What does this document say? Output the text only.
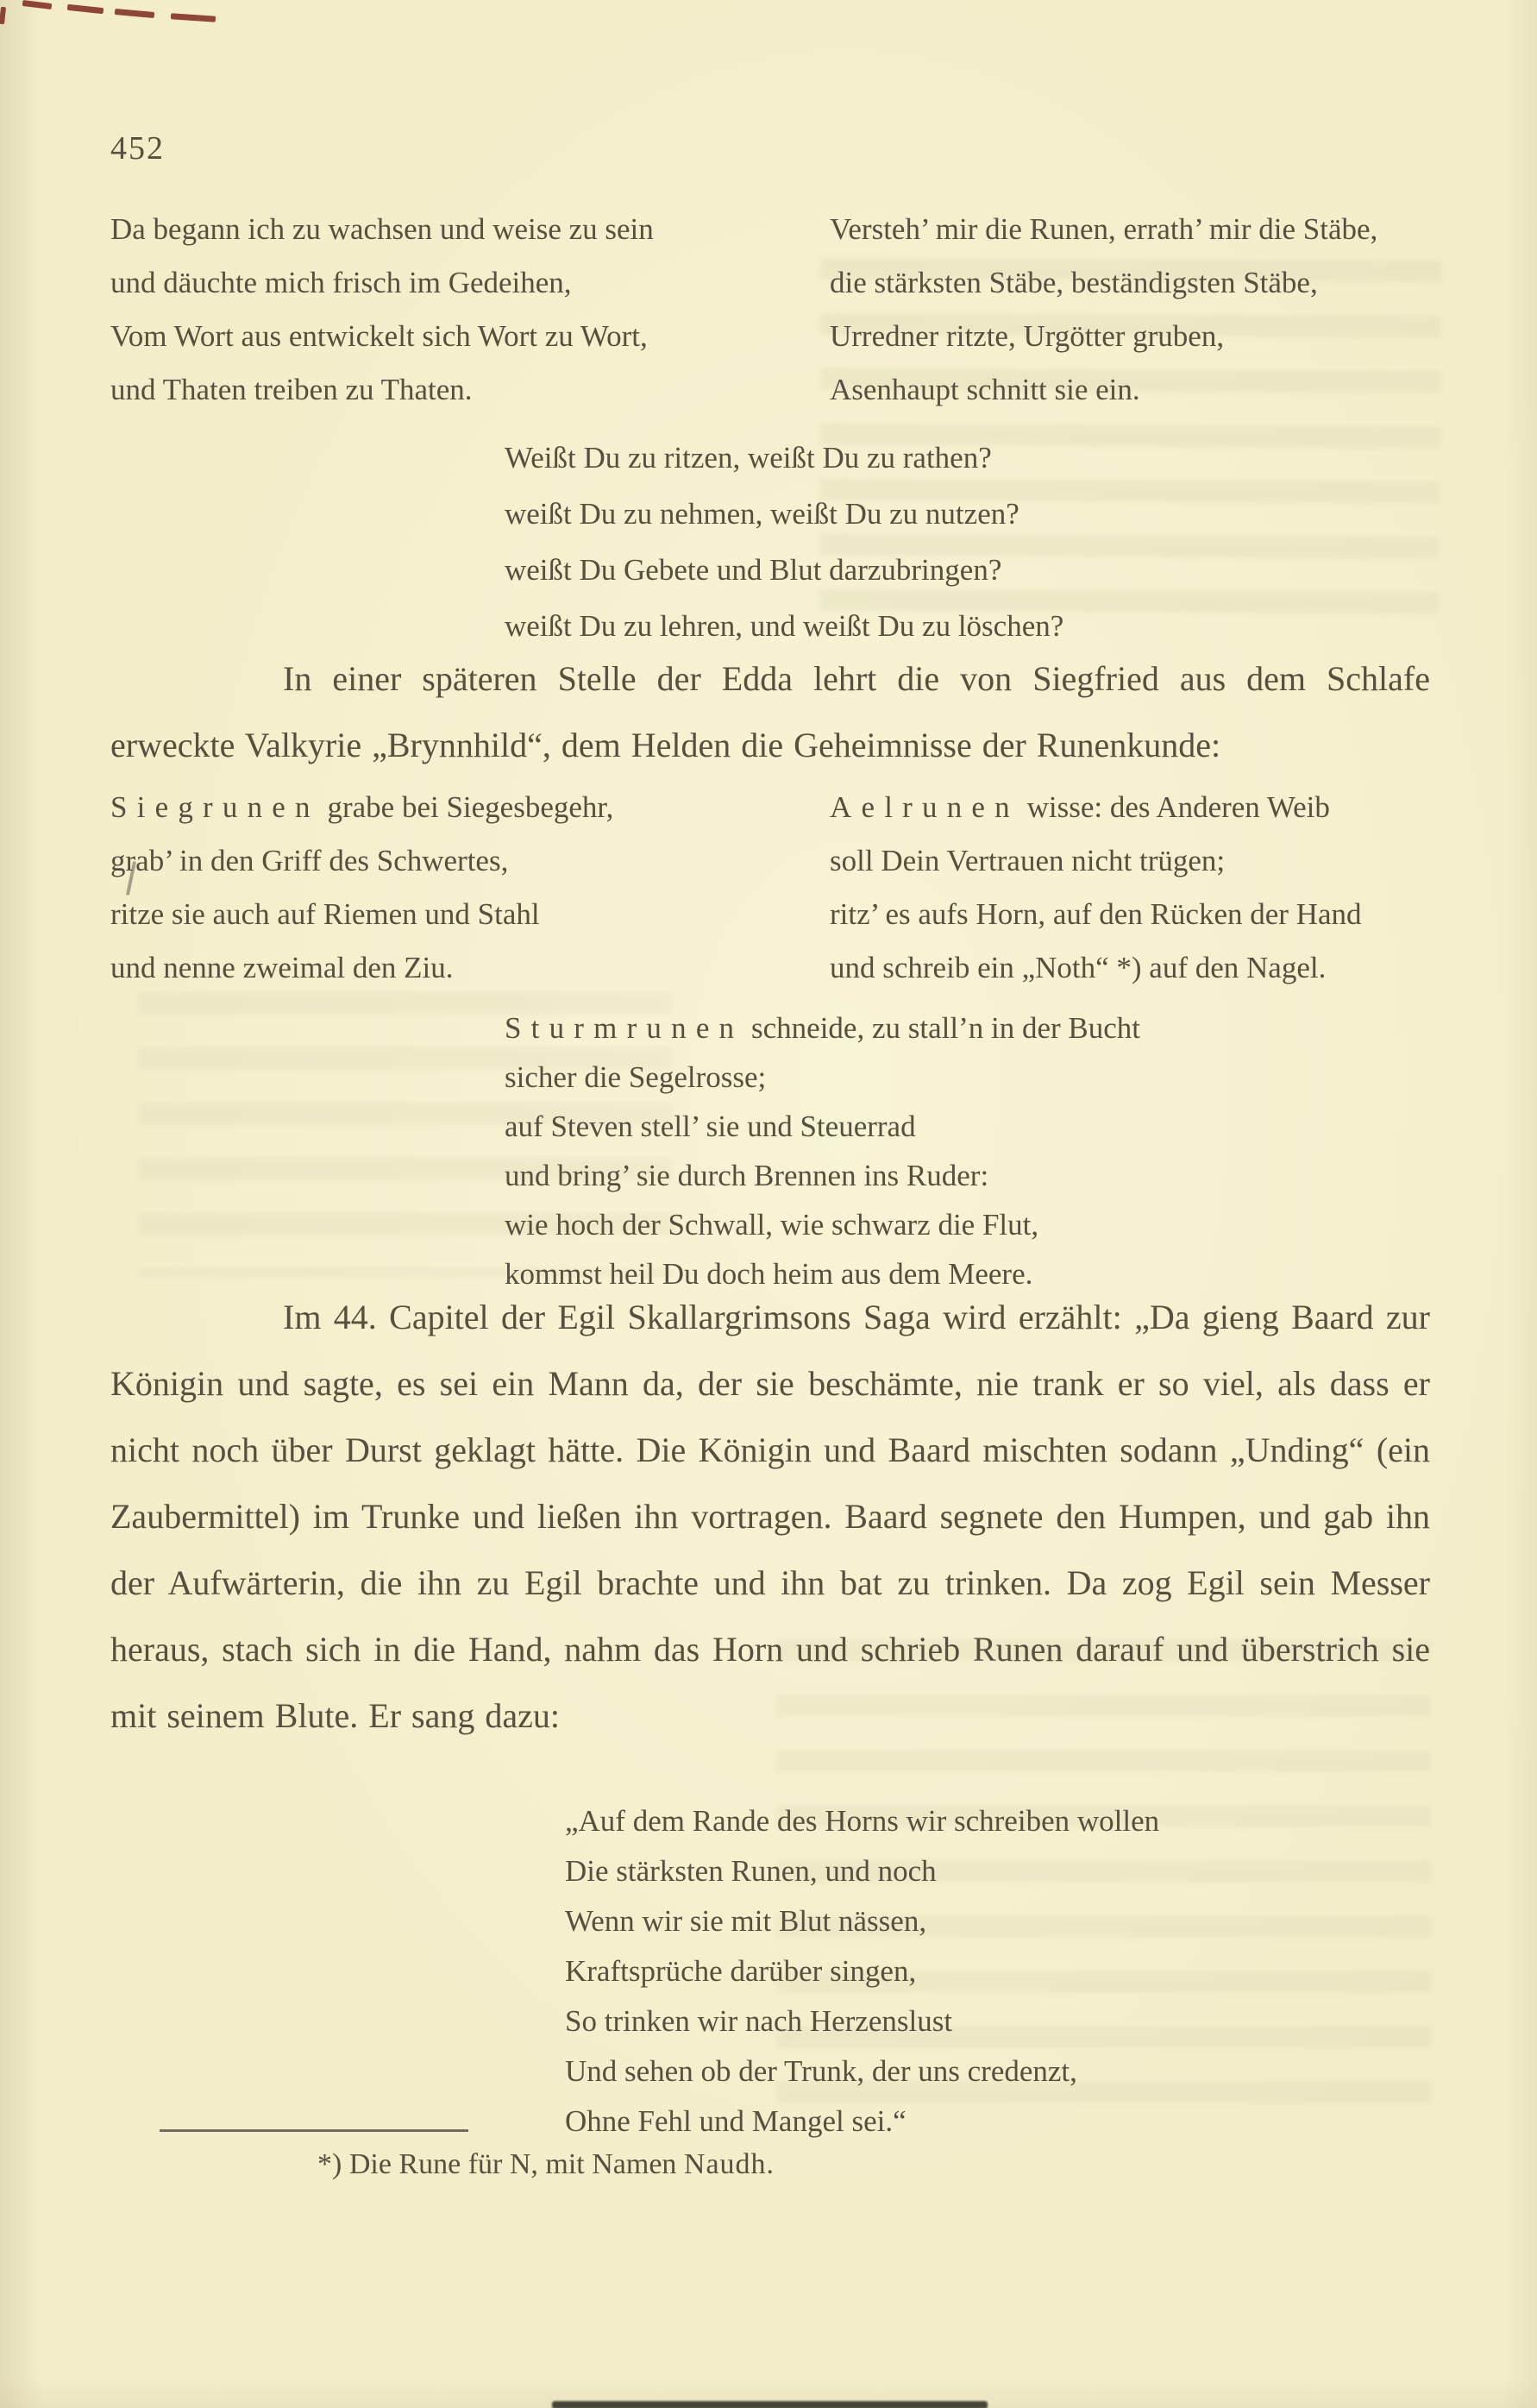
452
Da begann ich zu wachsen und weise zu sein
und däuchte mich frisch im Gedeihen,
Vom Wort aus entwickelt sich Wort zu Wort,
und Thaten treiben zu Thaten.
Versteh’ mir die Runen, errath’ mir die Stäbe,
die stärksten Stäbe, beständigsten Stäbe,
Urredner ritzte, Urgötter gruben,
Asenhaupt schnitt sie ein.
Weißt Du zu ritzen, weißt Du zu rathen?
weißt Du zu nehmen, weißt Du zu nutzen?
weißt Du Gebete und Blut darzubringen?
weißt Du zu lehren, und weißt Du zu löschen?

In einer späteren Stelle der Edda lehrt die von Siegfried aus dem Schlafe erweckte Valkyrie „Brynnhild“, dem Helden die Geheimnisse der Runenkunde:

Siegrunen grabe bei Siegesbegehr,
grab’ in den Griff des Schwertes,
ritze sie auch auf Riemen und Stahl
und nenne zweimal den Ziu.
Aelrunen wisse: des Anderen Weib
soll Dein Vertrauen nicht trügen;
ritz’ es aufs Horn, auf den Rücken der Hand
und schreib ein „Noth“ *) auf den Nagel.
Sturmrunen schneide, zu stall’n in der Bucht
sicher die Segelrosse;
auf Steven stell’ sie und Steuerrad
und bring’ sie durch Brennen ins Ruder:
wie hoch der Schwall, wie schwarz die Flut,
kommst heil Du doch heim aus dem Meere.

Im 44. Capitel der Egil Skallargrimsons Saga wird erzählt: „Da gieng Baard zur Königin und sagte, es sei ein Mann da, der sie beschämte, nie trank er so viel, als dass er nicht noch über Durst geklagt hätte. Die Königin und Baard mischten sodann „Unding“ (ein Zaubermittel) im Trunke und ließen ihn vortragen. Baard segnete den Humpen, und gab ihn der Aufwärterin, die ihn zu Egil brachte und ihn bat zu trinken. Da zog Egil sein Messer heraus, stach sich in die Hand, nahm das Horn und schrieb Runen darauf und überstrich sie mit seinem Blute. Er sang dazu:

„Auf dem Rande des Horns wir schreiben wollen
Die stärksten Runen, und noch
Wenn wir sie mit Blut nässen,
Kraftsprüche darüber singen,
So trinken wir nach Herzenslust
Und sehen ob der Trunk, der uns credenzt,
Ohne Fehl und Mangel sei.“
*) Die Rune für N, mit Namen Naudh.
